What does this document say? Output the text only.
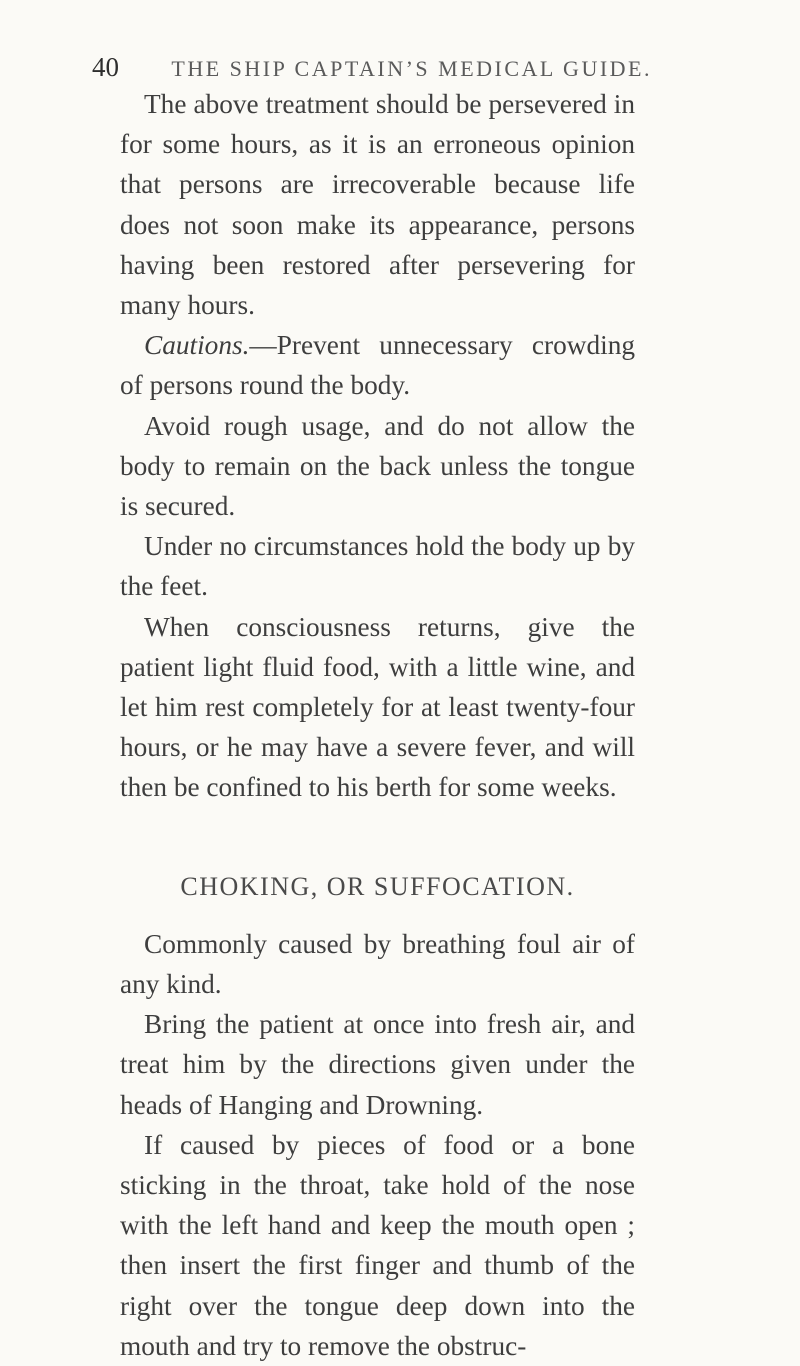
40	THE SHIP CAPTAIN’S MEDICAL GUIDE.

The above treatment should be persevered in for some hours, as it is an erroneous opinion that persons are irrecoverable because life does not soon make its appearance, persons having been restored after persevering for many hours.

Cautions.—Prevent unnecessary crowding of persons round the body.

Avoid rough usage, and do not allow the body to remain on the back unless the tongue is secured.

Under no circumstances hold the body up by the feet.

When consciousness returns, give the patient light fluid food, with a little wine, and let him rest completely for at least twenty-four hours, or he may have a severe fever, and will then be confined to his berth for some weeks.

CHOKING, OR SUFFOCATION.

Commonly caused by breathing foul air of any kind.

Bring the patient at once into fresh air, and treat him by the directions given under the heads of Hanging and Drowning.

If caused by pieces of food or a bone sticking in the throat, take hold of the nose with the left hand and keep the mouth open ; then insert the first finger and thumb of the right over the tongue deep down into the mouth and try to remove the obstruc-
